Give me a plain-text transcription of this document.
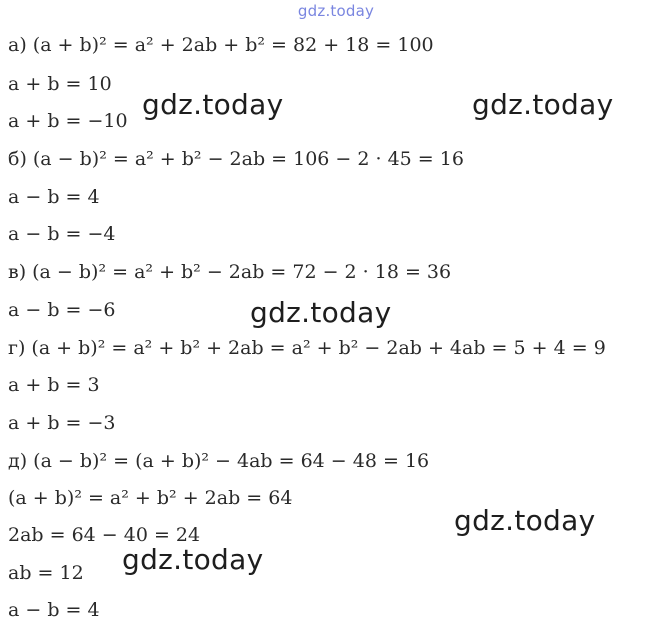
gdz.today
а) (a + b)² = a² + 2ab + b² = 82 + 18 = 100
a + b = 10
a + b = −10
б) (a − b)² = a² + b² − 2ab = 106 − 2 · 45 = 16
a − b = 4
a − b = −4
в) (a − b)² = a² + b² − 2ab = 72 − 2 · 18 = 36
a − b = −6
г) (a + b)² = a² + b² + 2ab = a² + b² − 2ab + 4ab = 5 + 4 = 9
a + b = 3
a + b = −3
д) (a − b)² = (a + b)² − 4ab = 64 − 48 = 16
(a + b)² = a² + b² + 2ab = 64
2ab = 64 − 40 = 24
ab = 12
a − b = 4
gdz.today	gdz.today
gdz.today
gdz.today
gdz.today
